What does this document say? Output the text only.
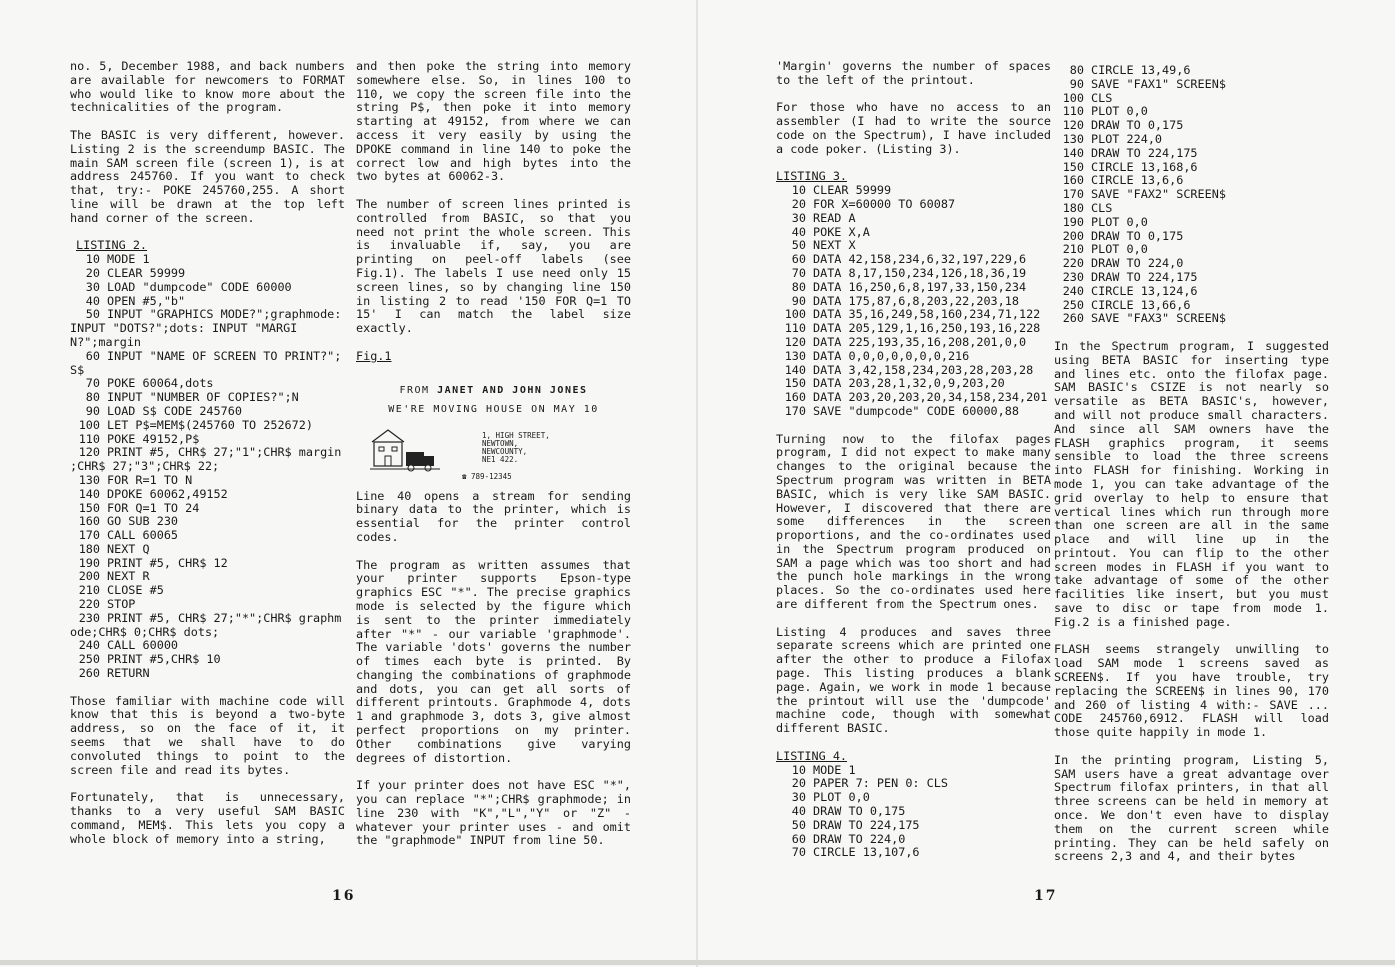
no. 5, December 1988, and back numbers are available for newcomers to FORMAT who would like to know more about the technicalities of the program.

The BASIC is very different, however. Listing 2 is the screendump BASIC. The main SAM screen file (screen 1), is at address 245760. If you want to check that, try:- POKE 245760,255. A short line will be drawn at the top left hand corner of the screen.

LISTING 2.
10 MODE 1
20 CLEAR 59999
30 LOAD "dumpcode" CODE 60000
40 OPEN #5,"b"
50 INPUT "GRAPHICS MODE?";graphmode:
INPUT "DOTS?";dots: INPUT "MARGI
N?";margin
60 INPUT "NAME OF SCREEN TO PRINT?";
S$
70 POKE 60064,dots
80 INPUT "NUMBER OF COPIES?";N
90 LOAD S$ CODE 245760
100 LET P$=MEM$(245760 TO 252672)
110 POKE 49152,P$
120 PRINT #5, CHR$ 27;"1";CHR$ margin
;CHR$ 27;"3";CHR$ 22;
130 FOR R=1 TO N
140 DPOKE 60062,49152
150 FOR Q=1 TO 24
160 GO SUB 230
170 CALL 60065
180 NEXT Q
190 PRINT #5, CHR$ 12
200 NEXT R
210 CLOSE #5
220 STOP
230 PRINT #5, CHR$ 27;"*";CHR$ graphm
ode;CHR$ 0;CHR$ dots;
240 CALL 60000
250 PRINT #5,CHR$ 10
260 RETURN

Those familiar with machine code will know that this is beyond a two-byte address, so on the face of it, it seems that we shall have to do convoluted things to point to the screen file and read its bytes.

Fortunately, that is unnecessary, thanks to a very useful SAM BASIC command, MEM$. This lets you copy a whole block of memory into a string,

and then poke the string into memory somewhere else. So, in lines 100 to 110, we copy the screen file into the string P$, then poke it into memory starting at 49152, from where we can access it very easily by using the DPOKE command in line 140 to poke the correct low and high bytes into the two bytes at 60062-3.

The number of screen lines printed is controlled from BASIC, so that you need not print the whole screen. This is invaluable if, say, you are printing on peel-off labels (see Fig.1). The labels I use need only 15 screen lines, so by changing line 150 in listing 2 to read '150 FOR Q=1 TO 15' I can match the label size exactly.

Fig.1
FROM JANET AND JOHN JONES
WE'RE MOVING HOUSE ON MAY 10
1, HIGH STREET,
NEWTOWN,
NEWCOUNTY,
NE1 422.
☎ 789-12345

Line 40 opens a stream for sending binary data to the printer, which is essential for the printer control codes.

The program as written assumes that your printer supports Epson-type graphics ESC "*". The precise graphics mode is selected by the figure which is sent to the printer immediately after "*" - our variable 'graphmode'. The variable 'dots' governs the number of times each byte is printed. By changing the combinations of graphmode and dots, you can get all sorts of different printouts. Graphmode 4, dots 1 and graphmode 3, dots 3, give almost perfect proportions on my printer. Other combinations give varying degrees of distortion.

If your printer does not have ESC "*", you can replace "*";CHR$ graphmode; in line 230 with "K","L","Y" or "Z" - whatever your printer uses - and omit the "graphmode" INPUT from line 50.

16

'Margin' governs the number of spaces to the left of the printout.

For those who have no access to an assembler (I had to write the source code on the Spectrum), I have included a code poker. (Listing 3).

LISTING 3.
10 CLEAR 59999
20 FOR X=60000 TO 60087
30 READ A
40 POKE X,A
50 NEXT X
60 DATA 42,158,234,6,32,197,229,6
70 DATA 8,17,150,234,126,18,36,19
80 DATA 16,250,6,8,197,33,150,234
90 DATA 175,87,6,8,203,22,203,18
100 DATA 35,16,249,58,160,234,71,122
110 DATA 205,129,1,16,250,193,16,228
120 DATA 225,193,35,16,208,201,0,0
130 DATA 0,0,0,0,0,0,0,216
140 DATA 3,42,158,234,203,28,203,28
150 DATA 203,28,1,32,0,9,203,20
160 DATA 203,20,203,20,34,158,234,201
170 SAVE "dumpcode" CODE 60000,88

Turning now to the filofax pages program, I did not expect to make many changes to the original because the Spectrum program was written in BETA BASIC, which is very like SAM BASIC. However, I discovered that there are some differences in the screen proportions, and the co-ordinates used in the Spectrum program produced on SAM a page which was too short and had the punch hole markings in the wrong places. So the co-ordinates used here are different from the Spectrum ones.

Listing 4 produces and saves three separate screens which are printed one after the other to produce a Filofax page. This listing produces a blank page. Again, we work in mode 1 because the printout will use the 'dumpcode' machine code, though with somewhat different BASIC.

LISTING 4.
10 MODE 1
20 PAPER 7: PEN 0: CLS
30 PLOT 0,0
40 DRAW TO 0,175
50 DRAW TO 224,175
60 DRAW TO 224,0
70 CIRCLE 13,107,6
80 CIRCLE 13,49,6
90 SAVE "FAX1" SCREEN$
100 CLS
110 PLOT 0,0
120 DRAW TO 0,175
130 PLOT 224,0
140 DRAW TO 224,175
150 CIRCLE 13,168,6
160 CIRCLE 13,6,6
170 SAVE "FAX2" SCREEN$
180 CLS
190 PLOT 0,0
200 DRAW TO 0,175
210 PLOT 0,0
220 DRAW TO 224,0
230 DRAW TO 224,175
240 CIRCLE 13,124,6
250 CIRCLE 13,66,6
260 SAVE "FAX3" SCREEN$

In the Spectrum program, I suggested using BETA BASIC for inserting type and lines etc. onto the filofax page. SAM BASIC's CSIZE is not nearly so versatile as BETA BASIC's, however, and will not produce small characters. And since all SAM owners have the FLASH graphics program, it seems sensible to load the three screens into FLASH for finishing. Working in mode 1, you can take advantage of the grid overlay to help to ensure that vertical lines which run through more than one screen are all in the same place and will line up in the printout. You can flip to the other screen modes in FLASH if you want to take advantage of some of the other facilities like insert, but you must save to disc or tape from mode 1. Fig.2 is a finished page.

FLASH seems strangely unwilling to load SAM mode 1 screens saved as SCREEN$. If you have trouble, try replacing the SCREEN$ in lines 90, 170 and 260 of listing 4 with:- SAVE ... CODE 245760,6912. FLASH will load those quite happily in mode 1.

In the printing program, Listing 5, SAM users have a great advantage over Spectrum filofax printers, in that all three screens can be held in memory at once. We don't even have to display them on the current screen while printing. They can be held safely on screens 2,3 and 4, and their bytes

17
